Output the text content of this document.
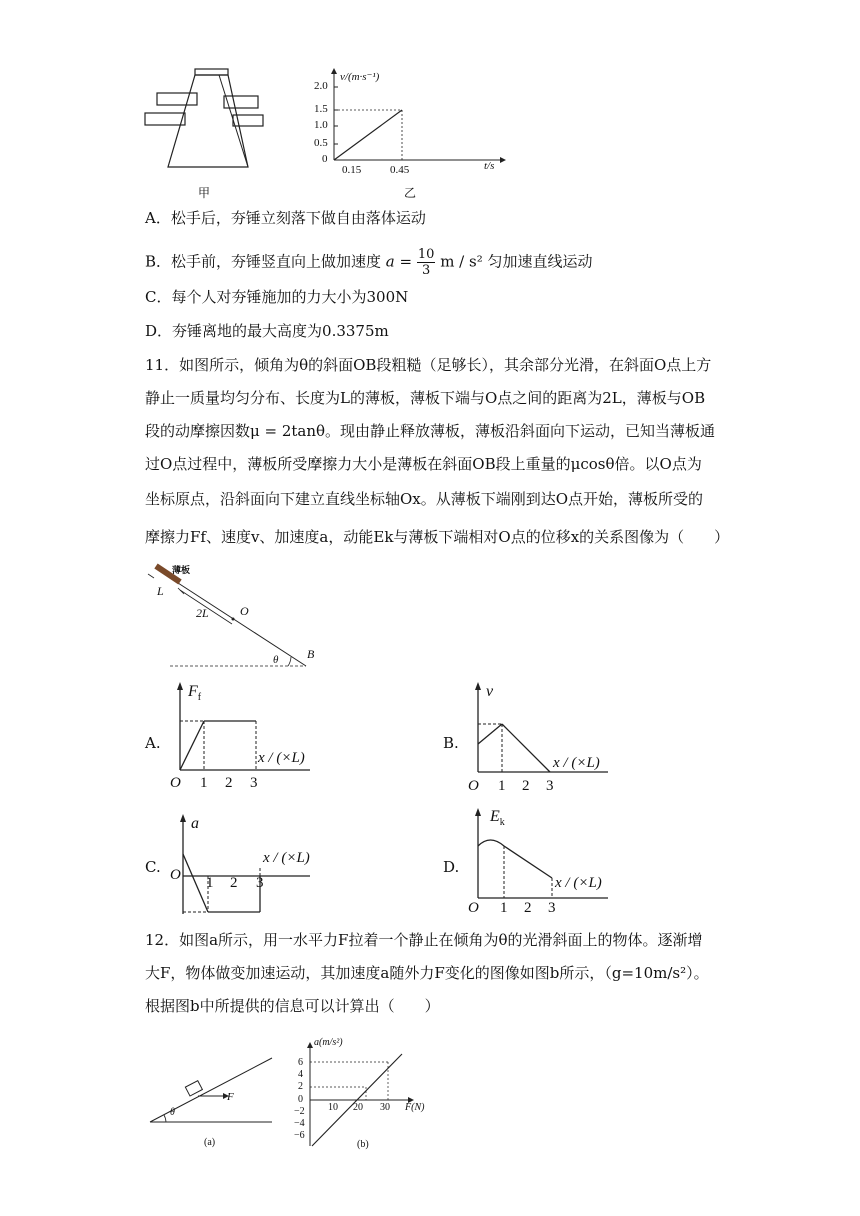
甲
v/(m·s⁻¹)
2.0
1.5
1.0
0.5
0
0.15	0.45	t/s
乙
A．松手后，夯锤立刻落下做自由落体运动
B．松手前，夯锤竖直向上做加速度 $a = \frac{10}{3}$ m / s² 匀加速直线运动
C．每个人对夯锤施加的力大小为300N
D．夯锤离地的最大高度为0.3375m
11．如图所示，倾角为θ的斜面OB段粗糙（足够长），其余部分光滑，在斜面O点上方
静止一质量均匀分布、长度为L的薄板，薄板下端与O点之间的距离为2L，薄板与OB
段的动摩擦因数μ = 2tanθ。现由静止释放薄板，薄板沿斜面向下运动，已知当薄板通
过O点过程中，薄板所受摩擦力大小是薄板在斜面OB段上重量的μcosθ倍。以O点为
坐标原点，沿斜面向下建立直线坐标轴Ox。从薄板下端刚到达O点开始，薄板所受的
摩擦力Ff、速度v、加速度a，动能Ek与薄板下端相对O点的位移x的关系图像为（　　）
薄板
L
2L	O
B
θ
A.
$F_f$
x / (×L)
O 1 2 3
B.
v
x / (×L)
O 1 2 3
C.
a
O 1 2 3
x / (×L)	D.
$E_k$
x / (×L)
O 1 2 3
12．如图a所示，用一水平力F拉着一个静止在倾角为θ的光滑斜面上的物体。逐渐增
大F，物体做变加速运动，其加速度a随外力F变化的图像如图b所示，（g=10m/s²）。
根据图b中所提供的信息可以计算出（　　）
F
θ
(a)
a(m/s²)
6
4
2
0
−2
−4
−6
10 20 30 F(N)
(b)
